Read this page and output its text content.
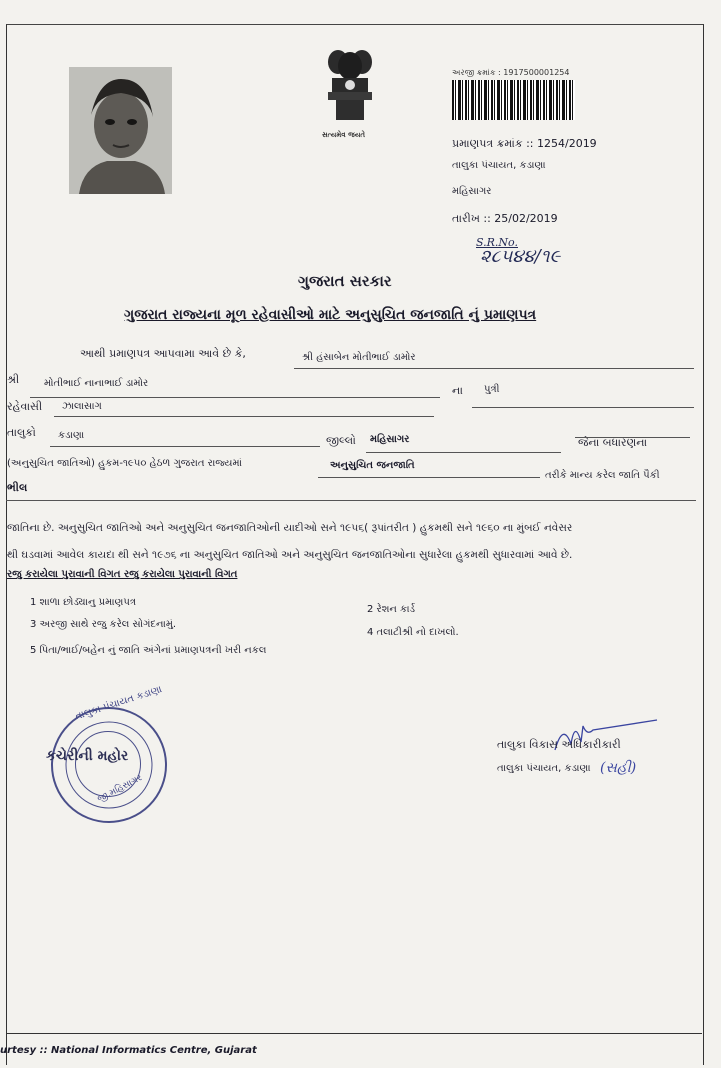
સત્યમેવ જયતે
અરજી ક્રમાંક : 1917500001254
પ્રમાણપત્ર ક્રમાંક :: 1254/2019
તાલુકા પંચાયત, કડાણા
મહિસાગર
તારીખ :: 25/02/2019
S.R.No.
૨૮૫૪૪/૧૯
ગુજરાત સરકાર
ગુજરાત રાજ્યના મૂળ રહેવાસીઓ માટે અનુસુચિત જનજાતિ નું પ્રમાણપત્ર
આથી પ્રમાણપત્ર આપવામા આવે છે કે,	શ્રી હંસાબેન મોતીભાઈ ડામોર
શ્રી મોતીભાઈ નાનાભાઈ ડામોર
ના પુત્રી
રહેવાસી ઝાલાસાગ
તાલુકો કડાણા	જીલ્લો મહિસાગર	જેના બંધારણના
(અનુસુચિત જાતિઓ) હુકમ-૧૯૫૦ હેઠળ ગુજરાત રાજ્યમાં	અનુસુચિત જનજાતિ
તરીકે માન્ય કરેલ જાતિ પૈકી
ભીલ
જાતિના છે. અનુસુચિત જાતિઓ અને અનુસુચિત જનજાતિઓની યાદીઓ સને ૧૯૫૬( રૂપાંતરીત ) હુકમથી સને ૧૯૬૦ ના મુંબઈ નવેસર
થી ઘડવામાં આવેલ કાયદા થી સને ૧૯૭૬ ના અનુસુચિત જાતિઓ અને અનુસુચિત જનજાતિઓના સુધારેલા હુકમથી સુધારવામાં આવે છે.
રજુ કરાયેલા પુરાવાની વિગત રજુ કરાયેલા પુરાવાની વિગત
1 શાળા છોડ્યાનુ પ્રમાણપત્ર
2 રેશન કાર્ડ
3 અરજી સાથે રજુ કરેલ સોગંદનામું.
4 તલાટીશ્રી નો દાખલો.
5 પિતા/ભાઈ/બહેન નું જાતિ અંગેનાં પ્રમાણપત્રની ખરી નકલ
તાલુકા પંચાયત કડાણા
કચેરીની મહોર
જી.મહિસાગર
તાલુકા વિકાસ અધિકારીકારી
તાલુકા પંચાયત, કડાણા (સહી)
urtesy :: National Informatics Centre, Gujarat
